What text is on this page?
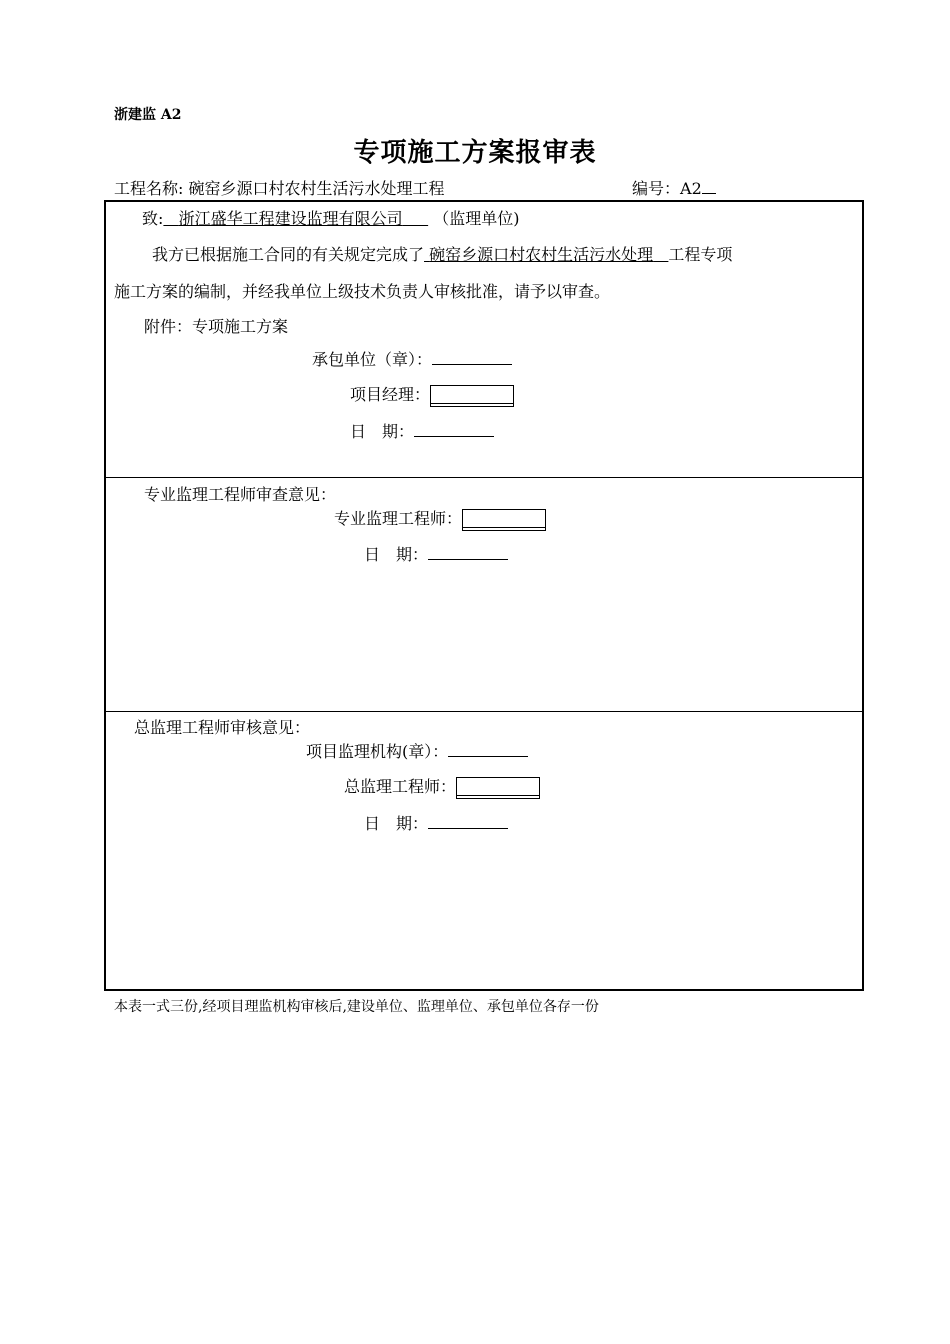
浙建监 A2
专项施工方案报审表
工程名称: 碗窑乡源口村农村生活污水处理工程	编号：A2
致: 浙江盛华工程建设监理有限公司 （监理单位)
我方已根据施工合同的有关规定完成了 碗窑乡源口村农村生活污水处理 工程专项
施工方案的编制，并经我单位上级技术负责人审核批准，请予以审查。
附件：专项施工方案
承包单位（章）：
项目经理：
日　期：
专业监理工程师审查意见：
专业监理工程师：
日　期：
总监理工程师审核意见：
项目监理机构(章）：
总监理工程师：
日　期：
本表一式三份,经项目理监机构审核后,建设单位、监理单位、承包单位各存一份
